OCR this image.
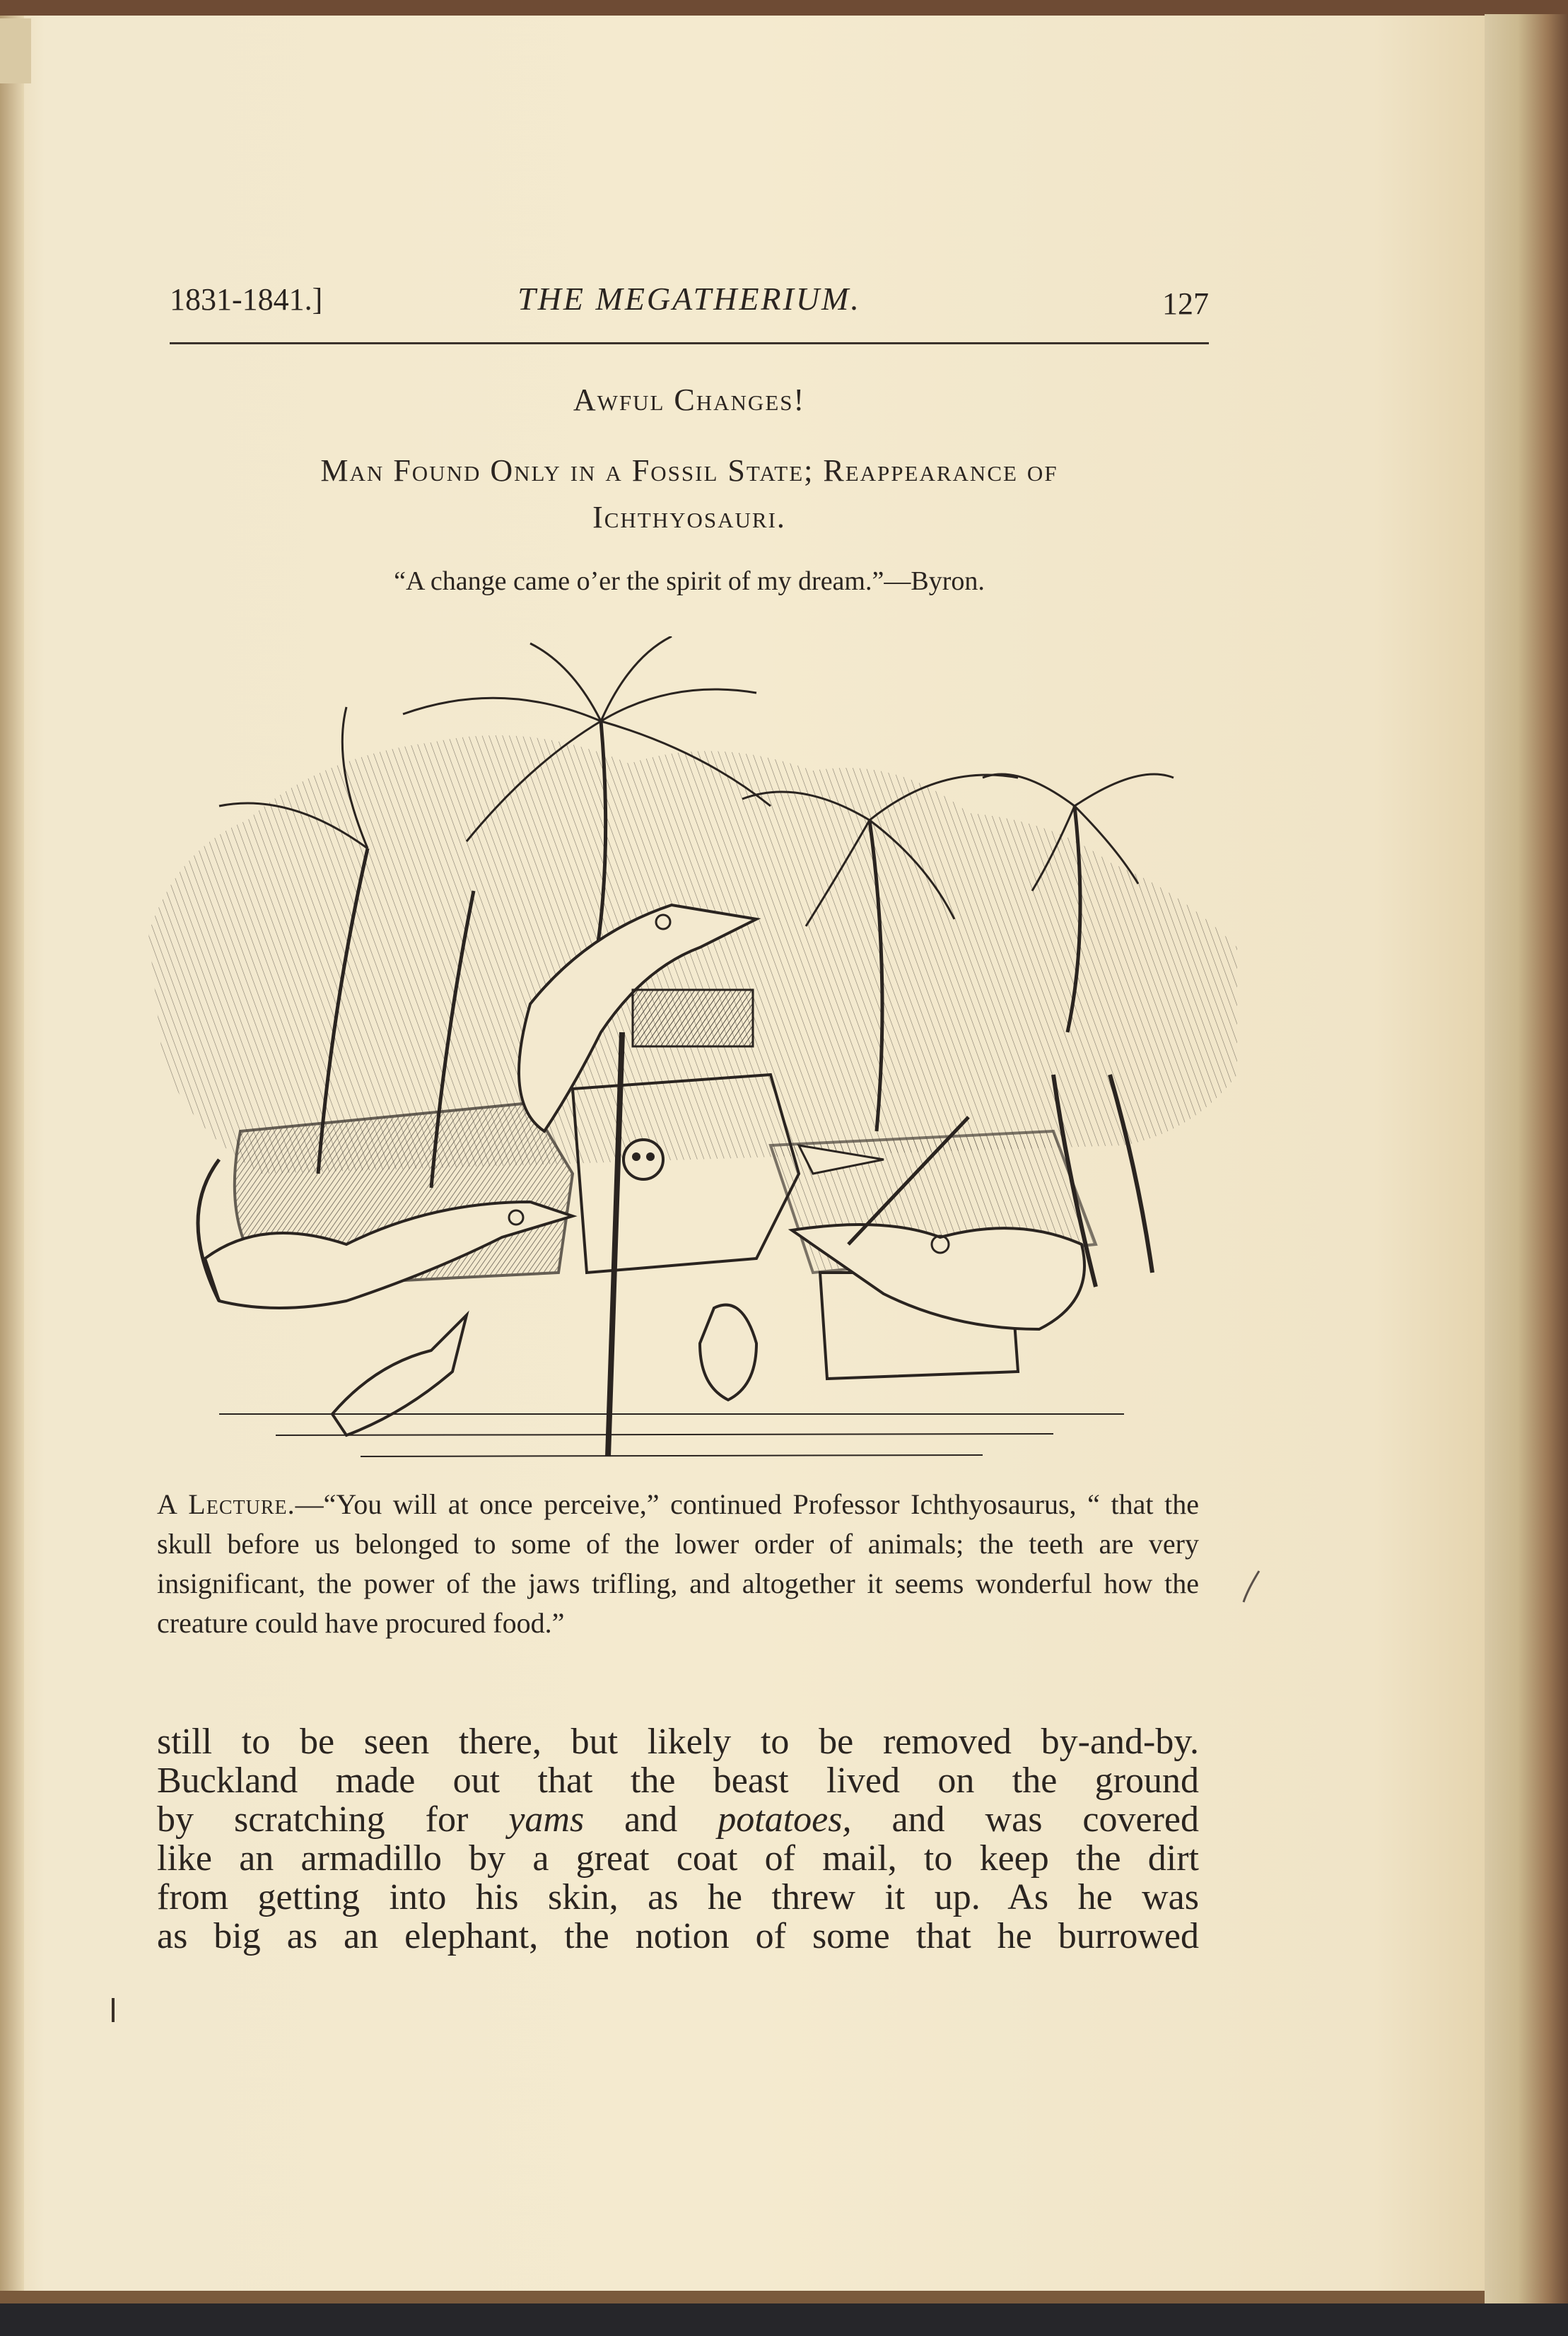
1831-1841.]	THE MEGATHERIUM.	127
Awful Changes!
Man Found Only in a Fossil State; Reappearance of
Ichthyosauri.
“A change came o’er the spirit of my dream.”—Byron.
A Lecture.—“You will at once perceive,” continued Professor Ichthyosaurus, “ that the skull before us belonged to some of the lower order of animals; the teeth are very insignificant, the power of the jaws trifling, and altogether it seems wonderful how the creature could have procured food.”
still to be seen there, but likely to be removed by-and-by.
Buckland made out that the beast lived on the ground
by scratching for yams and potatoes, and was covered
like an armadillo by a great coat of mail, to keep the dirt
from getting into his skin, as he threw it up. As he was
as big as an elephant, the notion of some that he burrowed
